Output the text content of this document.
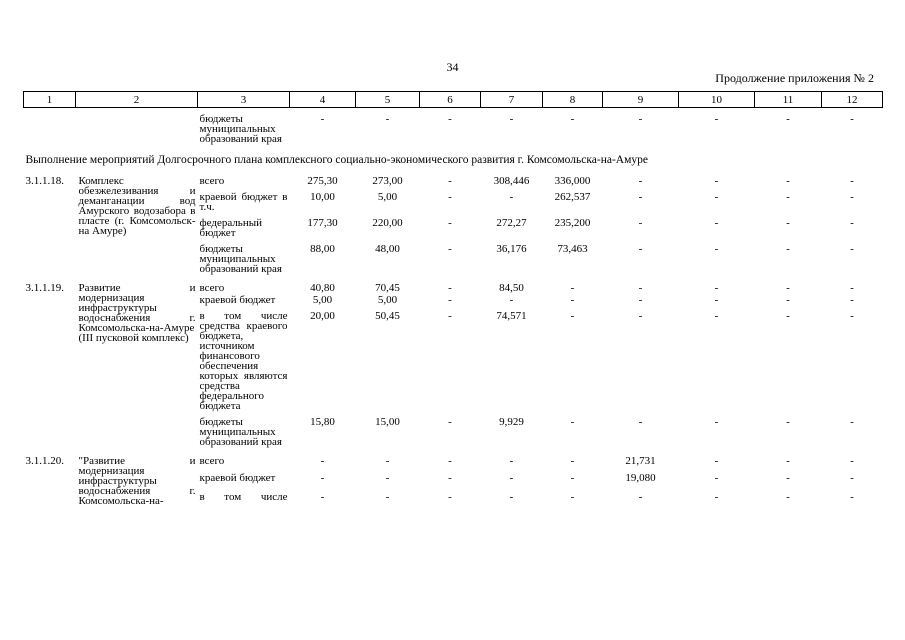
34
Продолжение приложения № 2
1	2	3	4	5	6	7	8	9	10	11	12
		бюджеты муниципальных образований края	-	-	-	-	-	-	-	-	-
Выполнение мероприятий Долгосрочного плана комплексного социально-экономического развития г. Комсомольска-на-Амуре											
3.1.1.18.	Комплекс обезжелезивания и деманганации вод Амурского водозабора в пласте (г. Комсомольск-на Амуре)	всего	275,30	273,00	-	308,446	336,000	-	-	-	-
		краевой бюджет в т.ч.	10,00	5,00	-	-	262,537	-	-	-	-
		федеральный бюджет	177,30	220,00	-	272,27	235,200	-	-	-	-
		бюджеты муниципальных образований края	88,00	48,00	-	36,176	73,463	-	-	-	-
3.1.1.19.	Развитие и модернизация инфраструктуры водоснабжения г. Комсомольска-на-Амуре (III пусковой комплекс)	всего	40,80	70,45	-	84,50	-	-	-	-	-
		краевой бюджет	5,00	5,00	-	-	-	-	-	-	-
		в том числе средства краевого бюджета, источником финансового обеспечения которых являются средства федерального бюджета	20,00	50,45	-	74,571	-	-	-	-	-
		бюджеты муниципальных образований края	15,80	15,00	-	9,929	-	-	-	-	-
3.1.1.20.	"Развитие и модернизация инфраструктуры водоснабжения г. Комсомольска-на-	всего	-	-	-	-	-	21,731	-	-	-
		краевой бюджет	-	-	-	-	-	19,080	-	-	-
		в том числе	-	-	-	-	-	-	-	-	-
